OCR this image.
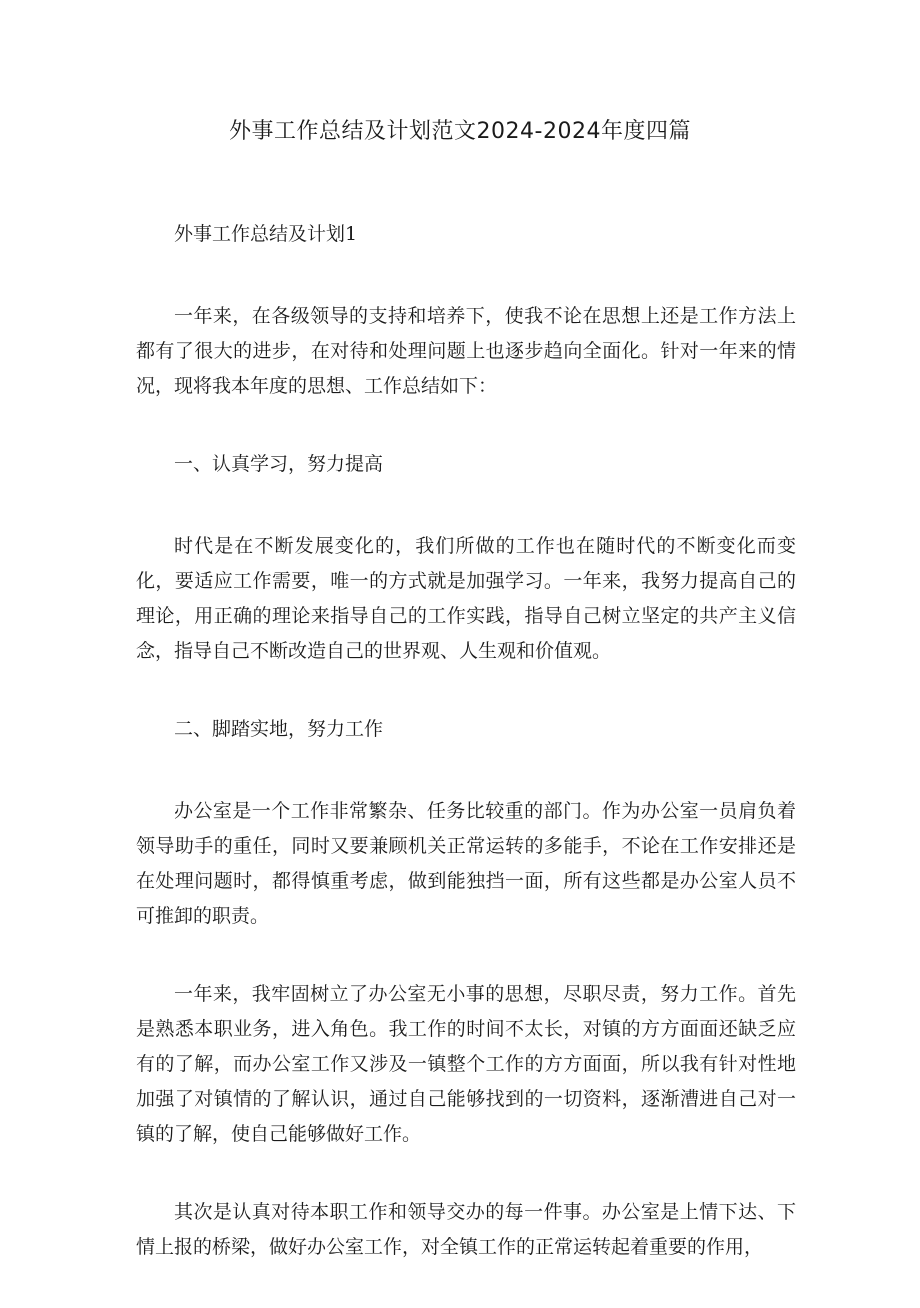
外事工作总结及计划范文2024-2024年度四篇

外事工作总结及计划1

一年来，在各级领导的支持和培养下，使我不论在思想上还是工作方法上都有了很大的进步，在对待和处理问题上也逐步趋向全面化。针对一年来的情况，现将我本年度的思想、工作总结如下：

一、认真学习，努力提高

时代是在不断发展变化的，我们所做的工作也在随时代的不断变化而变化，要适应工作需要，唯一的方式就是加强学习。一年来，我努力提高自己的理论，用正确的理论来指导自己的工作实践，指导自己树立坚定的共产主义信念，指导自己不断改造自己的世界观、人生观和价值观。

二、脚踏实地，努力工作

办公室是一个工作非常繁杂、任务比较重的部门。作为办公室一员肩负着领导助手的重任，同时又要兼顾机关正常运转的多能手，不论在工作安排还是在处理问题时，都得慎重考虑，做到能独挡一面，所有这些都是办公室人员不可推卸的职责。

一年来，我牢固树立了办公室无小事的思想，尽职尽责，努力工作。首先是熟悉本职业务，进入角色。我工作的时间不太长，对镇的方方面面还缺乏应有的了解，而办公室工作又涉及一镇整个工作的方方面面，所以我有针对性地加强了对镇情的了解认识，通过自己能够找到的一切资料，逐渐漕进自己对一镇的了解，使自己能够做好工作。

其次是认真对待本职工作和领导交办的每一件事。办公室是上情下达、下情上报的桥梁，做好办公室工作，对全镇工作的正常运转起着重要的作用，
